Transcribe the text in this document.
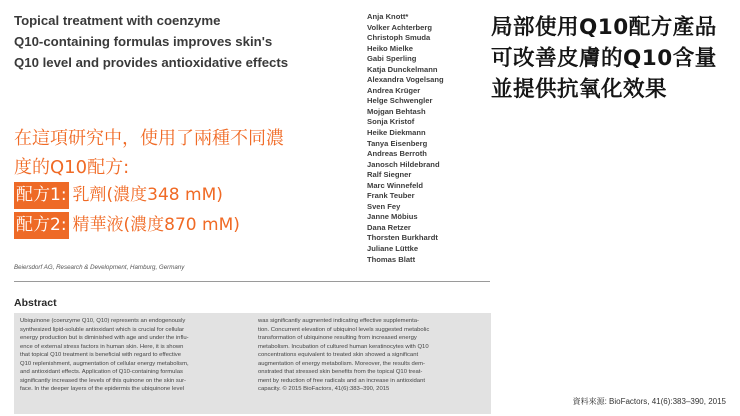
Topical treatment with coenzyme
Q10-containing formulas improves skin's
Q10 level and provides antioxidative effects
在這項研究中，使用了兩種不同濃
度的Q10配方:
配方1: 乳劑(濃度348 mM)
配方2: 精華液(濃度870 mM)
Anja Knott*
Volker Achterberg
Christoph Smuda
Heiko Mielke
Gabi Sperling
Katja Dunckelmann
Alexandra Vogelsang
Andrea Krüger
Helge Schwengler
Mojgan Behtash
Sonja Kristof
Heike Diekmann
Tanya Eisenberg
Andreas Berroth
Janosch Hildebrand
Ralf Siegner
Marc Winnefeld
Frank Teuber
Sven Fey
Janne Möbius
Dana Retzer
Thorsten Burkhardt
Juliane Lüttke
Thomas Blatt
局部使用Q10配方產品
可改善皮膚的Q10含量
並提供抗氧化效果
Beiersdorf AG, Research & Development, Hamburg, Germany
Abstract
Ubiquinone (coenzyme Q10, Q10) represents an endogenously
synthesized lipid-soluble antioxidant which is crucial for cellular
energy production but is diminished with age and under the influ-
ence of external stress factors in human skin. Here, it is shown
that topical Q10 treatment is beneficial with regard to effective
Q10 replenishment, augmentation of cellular energy metabolism,
and antioxidant effects. Application of Q10-containing formulas
significantly increased the levels of this quinone on the skin sur-
face. In the deeper layers of the epidermis the ubiquinone level
was significantly augmented indicating effective supplementa-
tion. Concurrent elevation of ubiquinol levels suggested metabolic
transformation of ubiquinone resulting from increased energy
metabolism. Incubation of cultured human keratinocytes with Q10
concentrations equivalent to treated skin showed a significant
augmentation of energy metabolism. Moreover, the results dem-
onstrated that stressed skin benefits from the topical Q10 treat-
ment by reduction of free radicals and an increase in antioxidant
capacity. © 2015 BioFactors, 41(6):383–390, 2015
資料來源: BioFactors, 41(6):383–390, 2015
